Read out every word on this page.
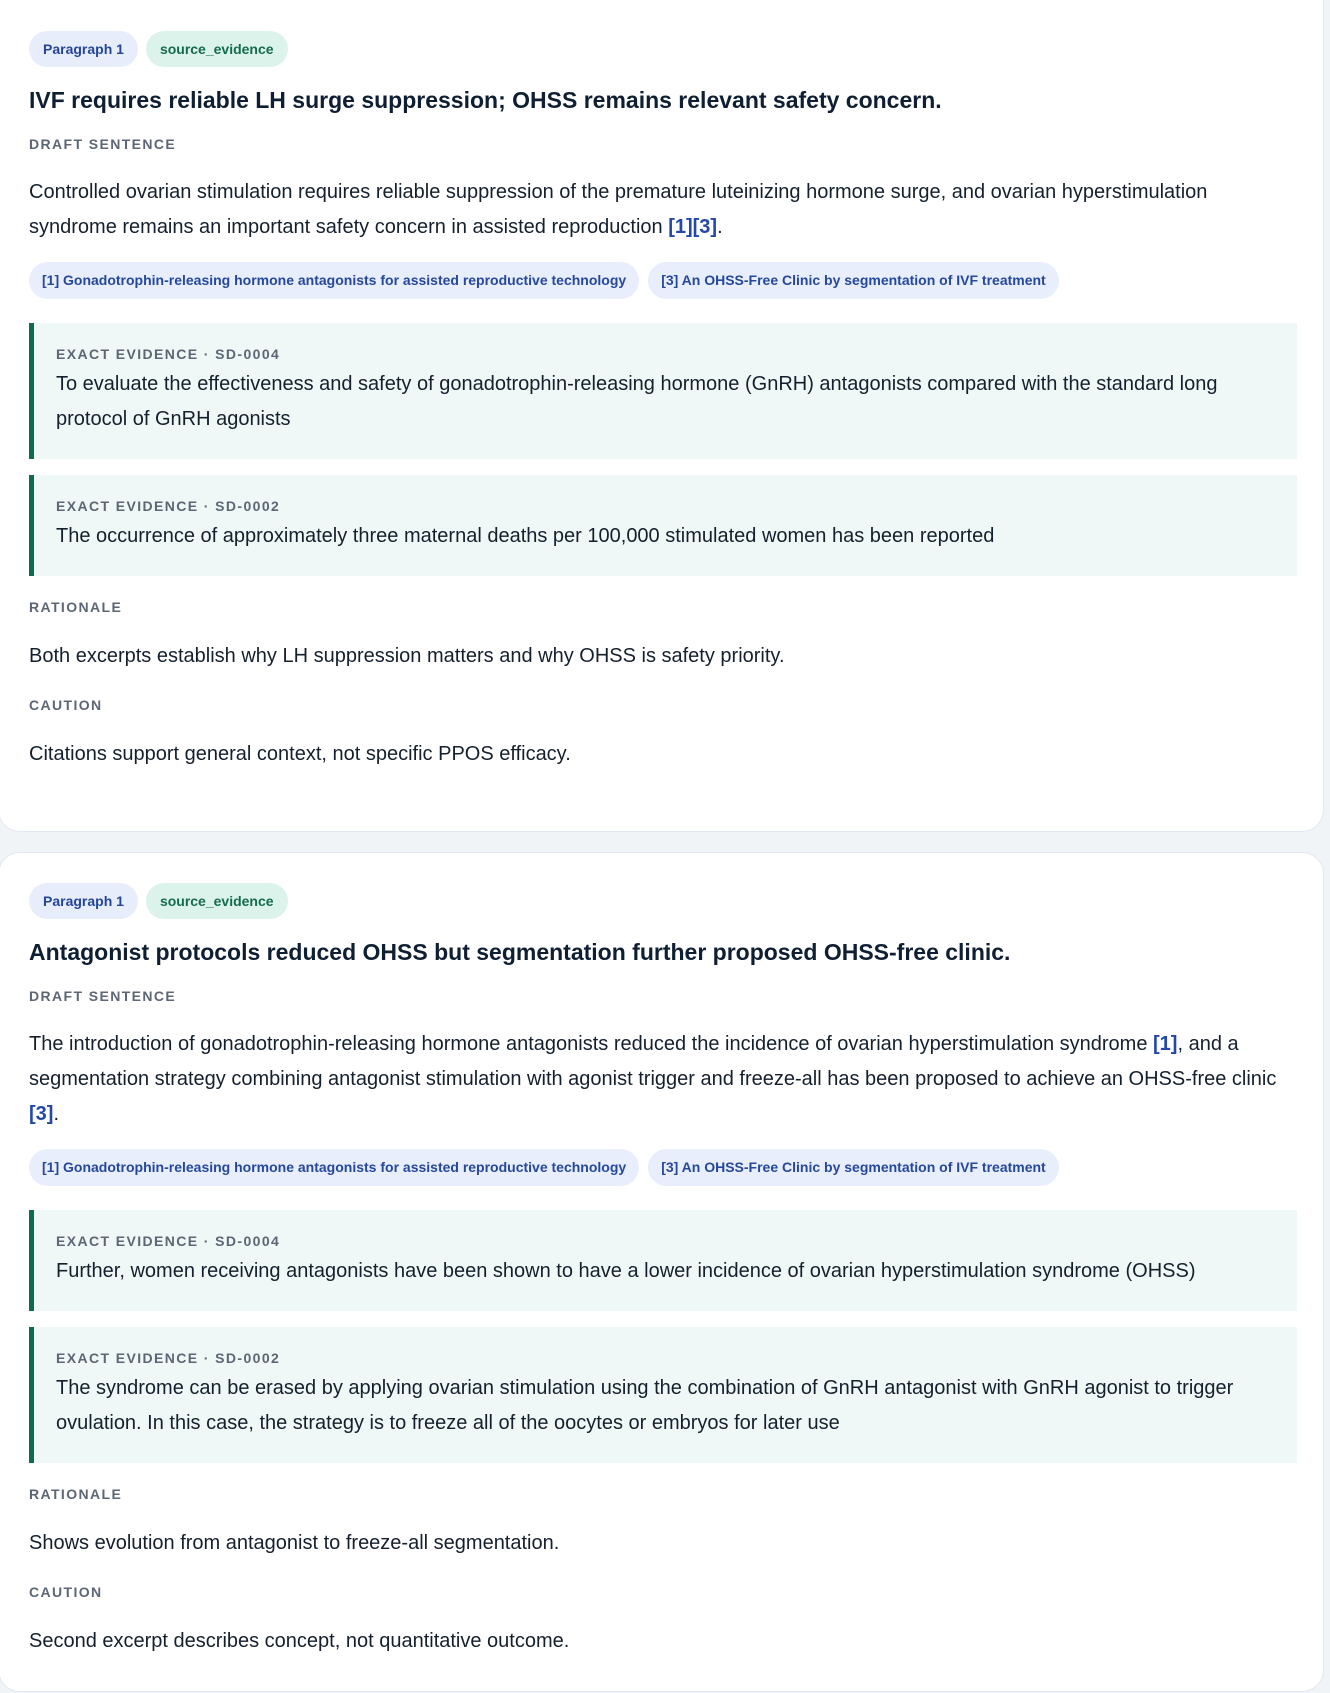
Paragraph 1	source_evidence
IVF requires reliable LH surge suppression; OHSS remains relevant safety concern.
DRAFT SENTENCE
Controlled ovarian stimulation requires reliable suppression of the premature luteinizing hormone surge, and ovarian hyperstimulation syndrome remains an important safety concern in assisted reproduction [1][3].
[1] Gonadotrophin-releasing hormone antagonists for assisted reproductive technology	[3] An OHSS-Free Clinic by segmentation of IVF treatment
EXACT EVIDENCE · SD-0004
To evaluate the effectiveness and safety of gonadotrophin-releasing hormone (GnRH) antagonists compared with the standard long protocol of GnRH agonists
EXACT EVIDENCE · SD-0002
The occurrence of approximately three maternal deaths per 100,000 stimulated women has been reported
RATIONALE
Both excerpts establish why LH suppression matters and why OHSS is safety priority.
CAUTION
Citations support general context, not specific PPOS efficacy.
Paragraph 1	source_evidence
Antagonist protocols reduced OHSS but segmentation further proposed OHSS-free clinic.
DRAFT SENTENCE
The introduction of gonadotrophin-releasing hormone antagonists reduced the incidence of ovarian hyperstimulation syndrome [1], and a segmentation strategy combining antagonist stimulation with agonist trigger and freeze-all has been proposed to achieve an OHSS-free clinic [3].
[1] Gonadotrophin-releasing hormone antagonists for assisted reproductive technology	[3] An OHSS-Free Clinic by segmentation of IVF treatment
EXACT EVIDENCE · SD-0004
Further, women receiving antagonists have been shown to have a lower incidence of ovarian hyperstimulation syndrome (OHSS)
EXACT EVIDENCE · SD-0002
The syndrome can be erased by applying ovarian stimulation using the combination of GnRH antagonist with GnRH agonist to trigger ovulation. In this case, the strategy is to freeze all of the oocytes or embryos for later use
RATIONALE
Shows evolution from antagonist to freeze-all segmentation.
CAUTION
Second excerpt describes concept, not quantitative outcome.
